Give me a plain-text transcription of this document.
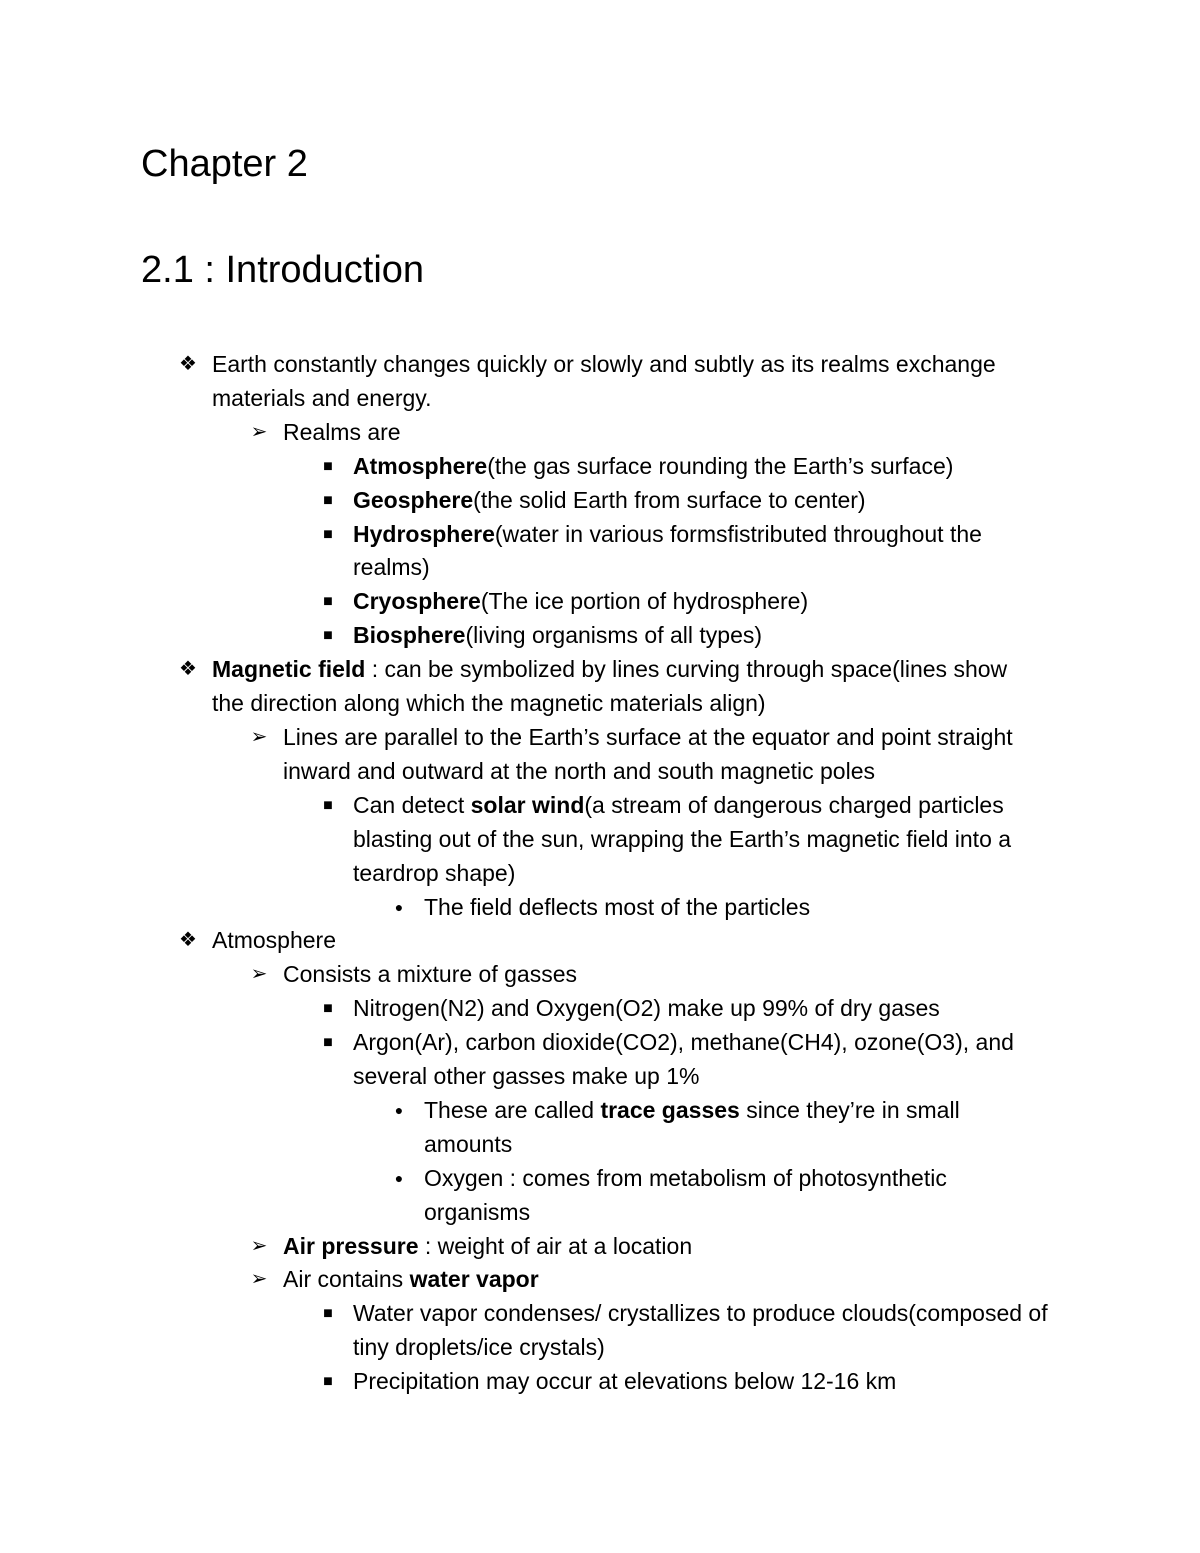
Chapter 2
2.1 : Introduction

❖ Earth constantly changes quickly or slowly and subtly as its realms exchange materials and energy.

➢ Realms are

■ Atmosphere(the gas surface rounding the Earth’s surface)

■ Geosphere(the solid Earth from surface to center)

■ Hydrosphere(water in various formsfistributed throughout the realms)

■ Cryosphere(The ice portion of hydrosphere)

■ Biosphere(living organisms of all types)

❖ Magnetic field : can be symbolized by lines curving through space(lines show the direction along which the magnetic materials align)

➢ Lines are parallel to the Earth’s surface at the equator and point straight inward and outward at the north and south magnetic poles

■ Can detect solar wind(a stream of dangerous charged particles blasting out of the sun, wrapping the Earth’s magnetic field into a teardrop shape)

● The field deflects most of the particles

❖ Atmosphere

➢ Consists a mixture of gasses

■ Nitrogen(N2) and Oxygen(O2) make up 99% of dry gases

■ Argon(Ar), carbon dioxide(CO2), methane(CH4), ozone(O3), and several other gasses make up 1%

● These are called trace gasses since they’re in small amounts

● Oxygen : comes from metabolism of photosynthetic organisms

➢ Air pressure : weight of air at a location

➢ Air contains water vapor

■ Water vapor condenses/ crystallizes to produce clouds(composed of tiny droplets/ice crystals)

■ Precipitation may occur at elevations below 12-16 km
